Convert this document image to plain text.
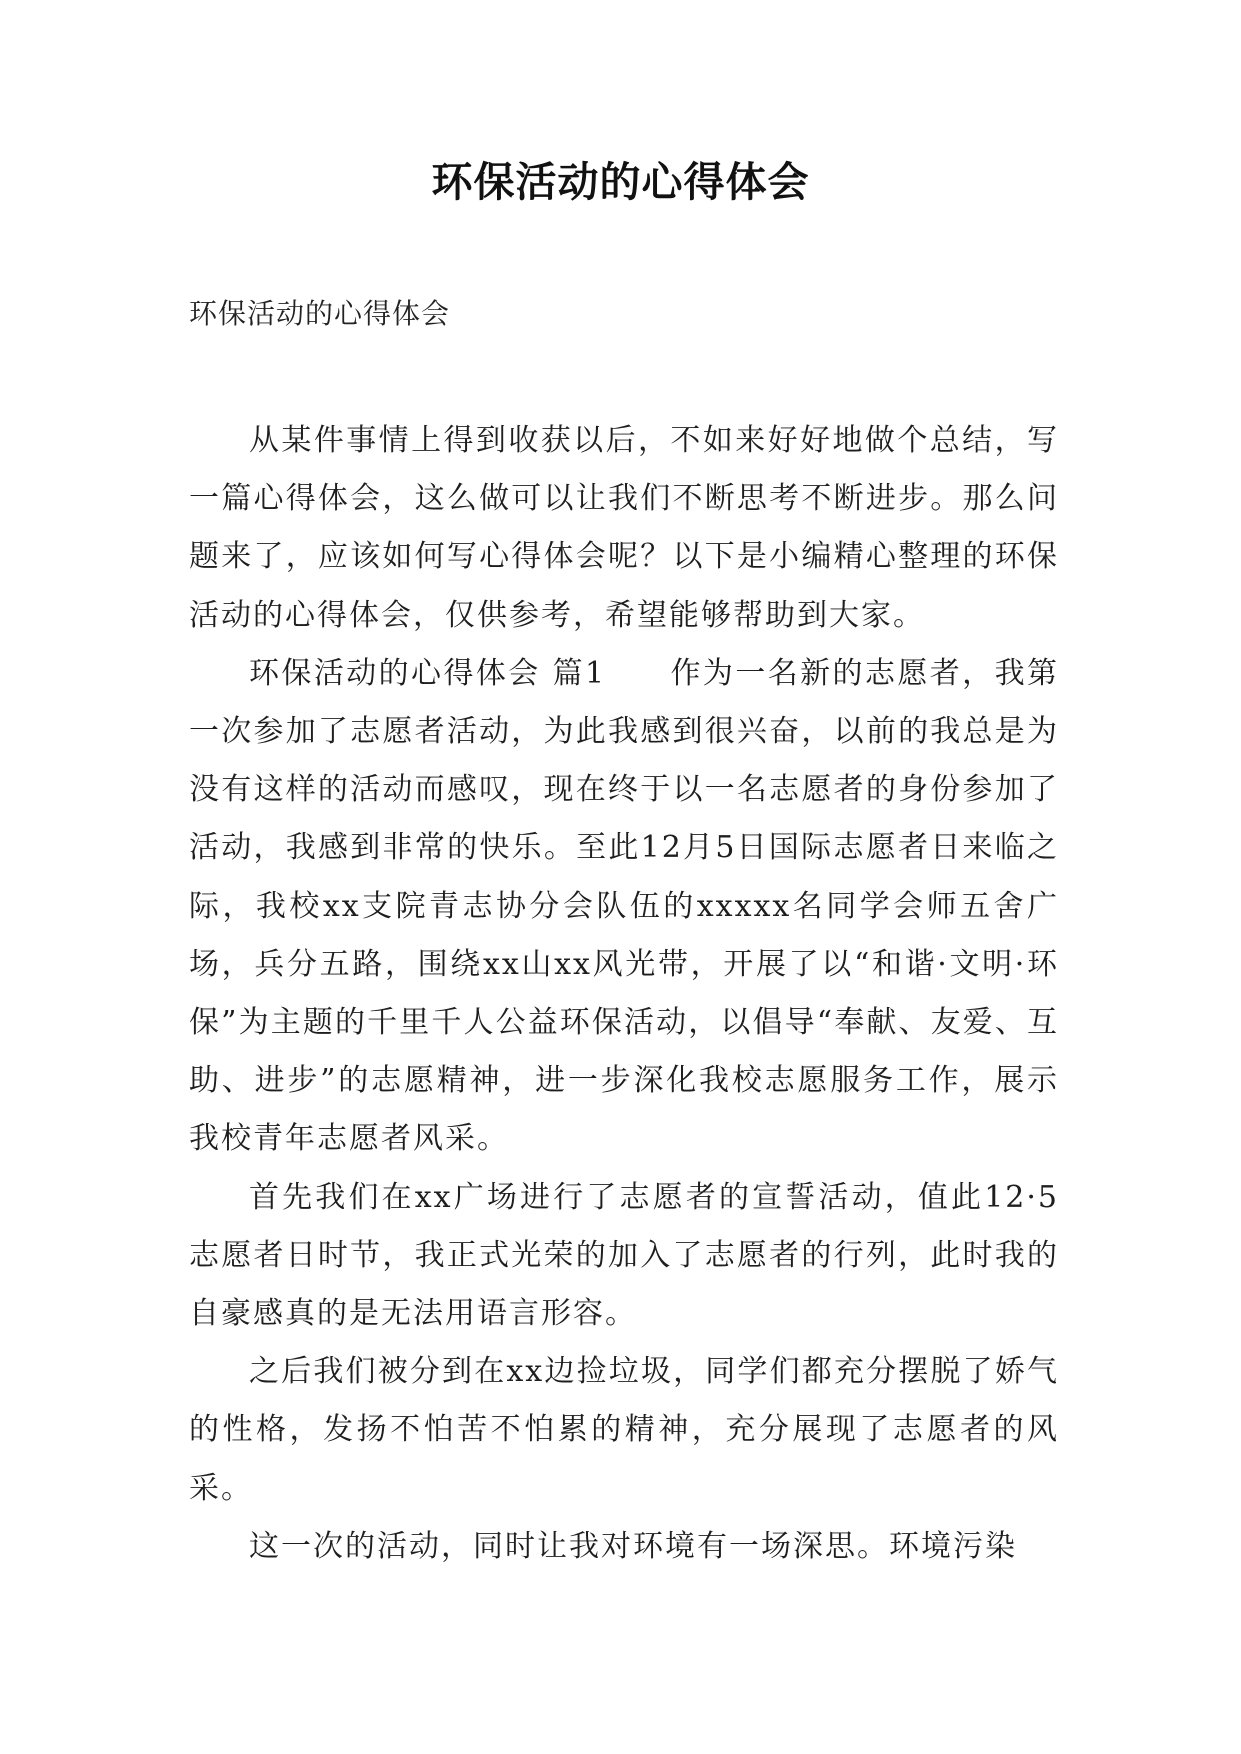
环保活动的心得体会
环保活动的心得体会

从某件事情上得到收获以后，不如来好好地做个总结，写一篇心得体会，这么做可以让我们不断思考不断进步。那么问题来了，应该如何写心得体会呢？以下是小编精心整理的环保活动的心得体会，仅供参考，希望能够帮助到大家。

环保活动的心得体会 篇1 作为一名新的志愿者，我第一次参加了志愿者活动，为此我感到很兴奋，以前的我总是为没有这样的活动而感叹，现在终于以一名志愿者的身份参加了活动，我感到非常的快乐。至此12月5日国际志愿者日来临之际，我校xx支院青志协分会队伍的xxxxx名同学会师五舍广场，兵分五路，围绕xx山xx风光带，开展了以“和谐·文明·环保”为主题的千里千人公益环保活动，以倡导“奉献、友爱、互助、进步”的志愿精神，进一步深化我校志愿服务工作，展示我校青年志愿者风采。

首先我们在xx广场进行了志愿者的宣誓活动，值此12·5志愿者日时节，我正式光荣的加入了志愿者的行列，此时我的自豪感真的是无法用语言形容。

之后我们被分到在xx边捡垃圾，同学们都充分摆脱了娇气的性格，发扬不怕苦不怕累的精神，充分展现了志愿者的风采。

这一次的活动，同时让我对环境有一场深思。环境污染
